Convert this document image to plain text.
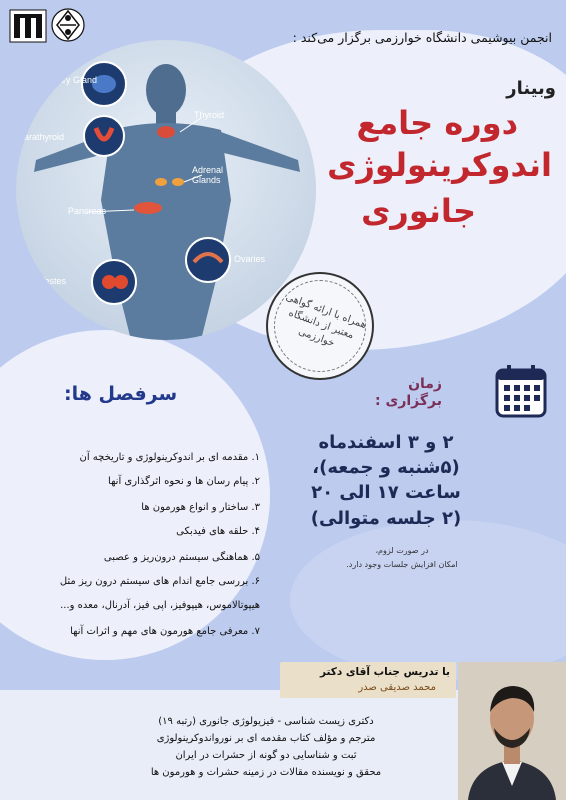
انجمن بیوشیمی دانشگاه خوارزمی برگزار می‌کند :
Pituitary Gland
Thyroid
Parathyroid
Adrenal Glands
Pancreas
Ovaries
Testes
وبینار
دوره جامع
اندوکرینولوژی
جانوری
همراه با ارائه گواهی معتبر از دانشگاه خوارزمی
زمان
برگزاری :
۲ و ۳ اسفندماه
(۵شنبه و جمعه)،
ساعت ۱۷ الی ۲۰
(۲ جلسه متوالی)
در صورت لزوم،
امکان افزایش جلسات وجود دارد.
سرفصل ها:
۱. مقدمه ای بر اندوکرینولوژی و تاریخچه آن
۲. پیام رسان ها و نحوه اثرگذاری آنها
۳. ساختار و انواع هورمون ها
۴. حلقه های فیدبکی
۵. هماهنگی سیستم درون‌ریز و عصبی
۶. بررسی جامع اندام های سیستم درون ریز مثل
هیپوتالاموس، هیپوفیز، اپی فیز، آدرنال، معده و...
۷. معرفی جامع هورمون های مهم و اثرات آنها
با تدریس جناب آقای دکتر
محمد صدیقی صدر
دکتری زیست شناسی - فیزیولوژی جانوری (رتبه ۱۹)
مترجم و مؤلف کتاب مقدمه ای بر نورواندوکرینولوژی
ثبت و شناسایی دو گونه از حشرات در ایران
محقق و نویسنده مقالات در زمینه حشرات و هورمون ها
